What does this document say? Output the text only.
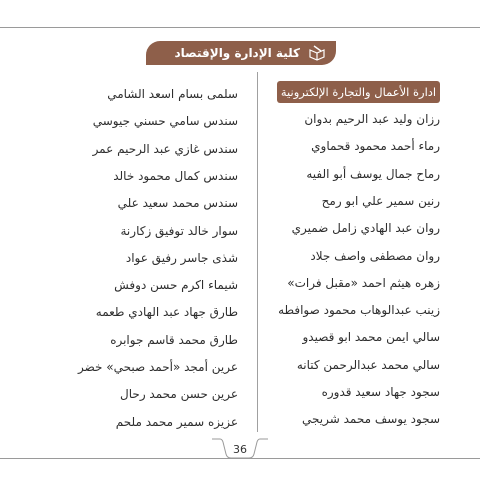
كلية الإدارة والإقتصاد
ادارة الأعمال والتجارة الإلكترونية
رزان وليد عبد الرحيم بدوان
رماء أحمد محمود قحماوي
رماح جمال يوسف أبو الفيه
رنين سمير علي ابو رمح
روان عبد الهادي زامل ضميري
روان مصطفى واصف جلاد
زهره هيثم احمد «مقبل فرات»
زينب عبدالوهاب محمود صوافطه
سالي ايمن محمد ابو قصيدو
سالي محمد عبدالرحمن كتانه
سجود جهاد سعيد قدوره
سجود يوسف محمد شريجي
سلمى بسام اسعد الشامي
سندس سامي حسني جيوسي
سندس غازي عبد الرحيم عمر
سندس كمال محمود خالد
سندس محمد سعيد علي
سوار خالد توفيق زكارنة
شذى جاسر رفيق عواد
شيماء اكرم حسن دوفش
طارق جهاد عبد الهادي طعمه
طارق محمد قاسم جوابره
عرين أمجد «أحمد صبحي» خضر
عرين حسن محمد رحال
عزيزه سمير محمد ملحم
36
